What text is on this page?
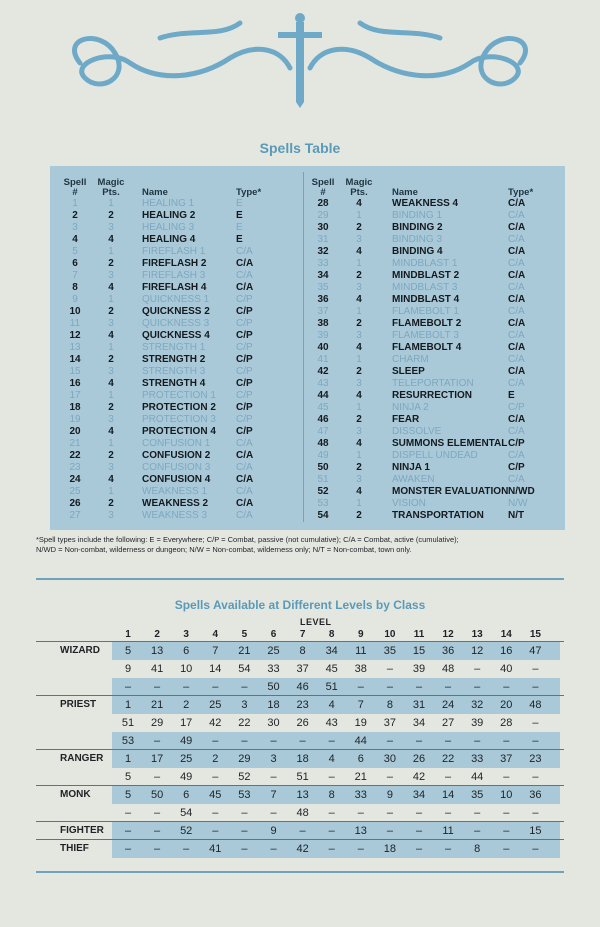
Spells Table
Spell
#
Magic
Pts.	Name	Type*
1	1	HEALING 1	E
2	2	HEALING 2	E
3	3	HEALING 3	E
4	4	HEALING 4	E
5	1	FIREFLASH 1	C/A
6	2	FIREFLASH 2	C/A
7	3	FIREFLASH 3	C/A
8	4	FIREFLASH 4	C/A
9	1	QUICKNESS 1	C/P
10	2	QUICKNESS 2	C/P
11	3	QUICKNESS 3	C/P
12	4	QUICKNESS 4	C/P
13	1	STRENGTH 1	C/P
14	2	STRENGTH 2	C/P
15	3	STRENGTH 3	C/P
16	4	STRENGTH 4	C/P
17	1	PROTECTION 1 C/P
18	2	PROTECTION 2 C/P
19	3	PROTECTION 3 C/P
20	4	PROTECTION 4 C/P
21	1	CONFUSION 1	C/A
22	2	CONFUSION 2	C/A
23	3	CONFUSION 3	C/A
24	4	CONFUSION 4	C/A
25	1	WEAKNESS 1	C/A
26	2	WEAKNESS 2	C/A
27	3	WEAKNESS 3	C/A
Spell
#
Magic
Pts.	Name	Type*
28	4	WEAKNESS 4	C/A
29	1	BINDING 1	C/A
30	2	BINDING 2	C/A
31	3	BINDING 3	C/A
32	4	BINDING 4	C/A
33	1	MINDBLAST 1	C/A
34	2	MINDBLAST 2	C/A
35	3	MINDBLAST 3	C/A
36	4	MINDBLAST 4	C/A
37	1	FLAMEBOLT 1	C/A
38	2	FLAMEBOLT 2	C/A
39	3	FLAMEBOLT 3	C/A
40	4	FLAMEBOLT 4	C/A
41	1	CHARM	C/A
42	2	SLEEP	C/A
43	3	TELEPORTATION	C/A
44	4	RESURRECTION	E
45	1	NINJA 2	C/P
46	2	FEAR	C/A
47	3	DISSOLVE	C/A
48	4	SUMMONS ELEMENTAL C/P
49	1	DISPELL UNDEAD	C/A
50	2	NINJA 1	C/P
51	3	AWAKEN	C/A
52	4	MONSTER EVALUATION N/WD
53	1	VISION	N/W
54	2	TRANSPORTATION N/T
*Spell types include the following: E = Everywhere; C/P = Combat, passive (not cumulative); C/A = Combat, active (cumulative);
N/WD = Non-combat, wilderness or dungeon; N/W = Non-combat, wilderness only; N/T = Non-combat, town only.
Spells Available at Different Levels by Class
LEVEL
1	2	3	4	5	6	7	8	9	10	11	12	13	14	15
WIZARD	5	13	6	7	21	25	8	34	11	35	15	36	12	16	47
9	41	10	14	54	33	37	45	38	–	39	48	–	40	–
–	–	–	–	–	50	46	51	–	–	–	–	–	–	–
PRIEST	1	21	2	25	3	18	23	4	7	8	31	24	32	20	48
51	29	17	42	22	30	26	43	19	37	34	27	39	28	–
53	–	49	–	–	–	–	–	44	–	–	–	–	–	–
RANGER	1	17	25	2	29	3	18	4	6	30	26	22	33	37	23
5	–	49	–	52	–	51	–	21	–	42	–	44	–	–
MONK	5	50	6	45	53	7	13	8	33	9	34	14	35	10	36
–	–	54	–	–	–	48	–	–	–	–	–	–	–	–
FIGHTER	–	–	52	–	–	9	–	–	13	–	–	11	–	–	15
THIEF	–	–	–	41	–	–	42	–	–	18	–	–	8	–	–
